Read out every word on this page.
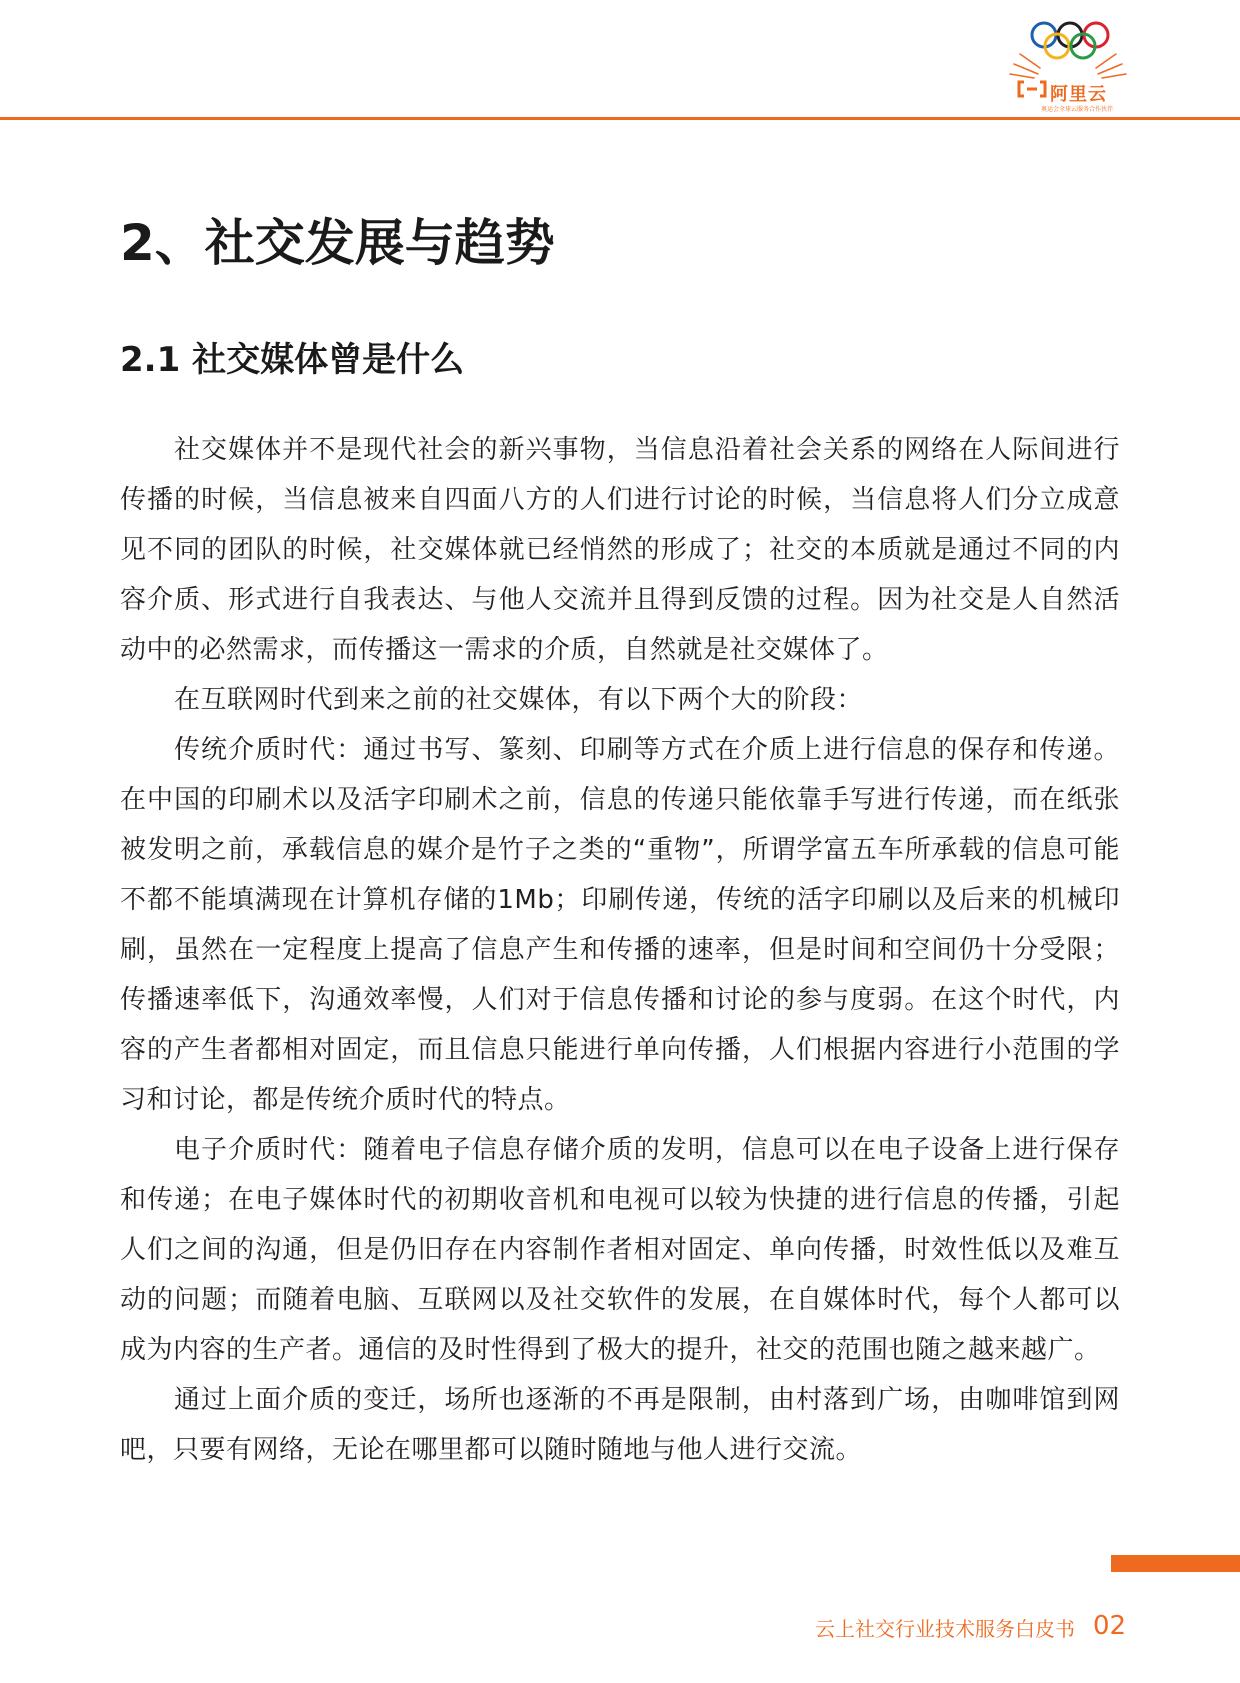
阿里云
奥运会全球云服务合作伙伴
2、社交发展与趋势
2.1 社交媒体曾是什么

社交媒体并不是现代社会的新兴事物，当信息沿着社会关系的网络在人际间进行传播的时候，当信息被来自四面八方的人们进行讨论的时候，当信息将人们分立成意见不同的团队的时候，社交媒体就已经悄然的形成了；社交的本质就是通过不同的内容介质、形式进行自我表达、与他人交流并且得到反馈的过程。因为社交是人自然活动中的必然需求，而传播这一需求的介质，自然就是社交媒体了。

在互联网时代到来之前的社交媒体，有以下两个大的阶段：

传统介质时代：通过书写、篆刻、印刷等方式在介质上进行信息的保存和传递。在中国的印刷术以及活字印刷术之前，信息的传递只能依靠手写进行传递，而在纸张被发明之前，承载信息的媒介是竹子之类的“重物”，所谓学富五车所承载的信息可能不都不能填满现在计算机存储的1Mb；印刷传递，传统的活字印刷以及后来的机械印刷，虽然在一定程度上提高了信息产生和传播的速率，但是时间和空间仍十分受限；传播速率低下，沟通效率慢，人们对于信息传播和讨论的参与度弱。在这个时代，内容的产生者都相对固定，而且信息只能进行单向传播，人们根据内容进行小范围的学习和讨论，都是传统介质时代的特点。

电子介质时代：随着电子信息存储介质的发明，信息可以在电子设备上进行保存和传递；在电子媒体时代的初期收音机和电视可以较为快捷的进行信息的传播，引起人们之间的沟通，但是仍旧存在内容制作者相对固定、单向传播，时效性低以及难互动的问题；而随着电脑、互联网以及社交软件的发展，在自媒体时代，每个人都可以成为内容的生产者。通信的及时性得到了极大的提升，社交的范围也随之越来越广。

通过上面介质的变迁，场所也逐渐的不再是限制，由村落到广场，由咖啡馆到网吧，只要有网络，无论在哪里都可以随时随地与他人进行交流。

云上社交行业技术服务白皮书 02
